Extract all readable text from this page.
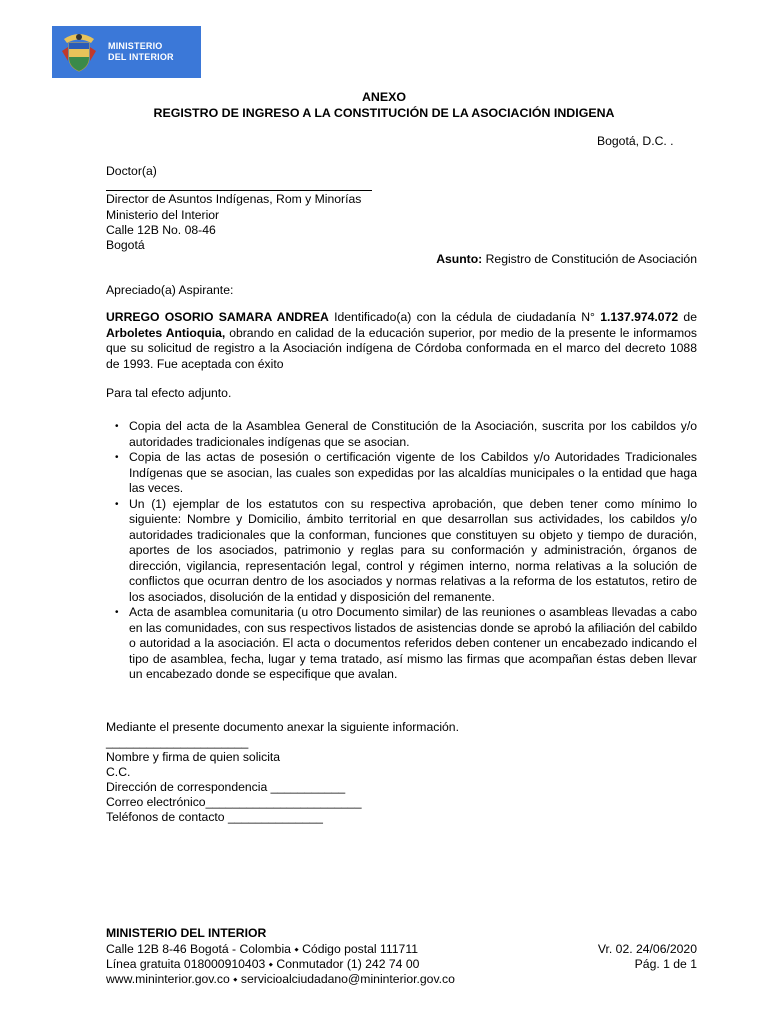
MINISTERIO
DEL INTERIOR
ANEXO
REGISTRO DE INGRESO A LA CONSTITUCIÓN DE LA ASOCIACIÓN INDIGENA
Bogotá, D.C. .
Doctor(a)
Director de Asuntos Indígenas, Rom y Minorías
Ministerio del Interior
Calle 12B No. 08-46
Bogotá
Asunto: Registro de Constitución de Asociación
Apreciado(a) Aspirante:
URREGO OSORIO SAMARA ANDREA Identificado(a) con la cédula de ciudadanía N° 1.137.974.072 de Arboletes Antioquia, obrando en calidad de la educación superior, por medio de la presente le informamos que su solicitud de registro a la Asociación indígena de Córdoba conformada en el marco del decreto 1088 de 1993. Fue aceptada con éxito
Para tal efecto adjunto.
• Copia del acta de la Asamblea General de Constitución de la Asociación, suscrita por los cabildos y/o autoridades tradicionales indígenas que se asocian.
• Copia de las actas de posesión o certificación vigente de los Cabildos y/o Autoridades Tradicionales Indígenas que se asocian, las cuales son expedidas por las alcaldías municipales o la entidad que haga las veces.
• Un (1) ejemplar de los estatutos con su respectiva aprobación, que deben tener como mínimo lo siguiente: Nombre y Domicilio, ámbito territorial en que desarrollan sus actividades, los cabildos y/o autoridades tradicionales que la conforman, funciones que constituyen su objeto y tiempo de duración, aportes de los asociados, patrimonio y reglas para su conformación y administración, órganos de dirección, vigilancia, representación legal, control y régimen interno, norma relativas a la solución de conflictos que ocurran dentro de los asociados y normas relativas a la reforma de los estatutos, retiro de los asociados, disolución de la entidad y disposición del remanente.
• Acta de asamblea comunitaria (u otro Documento similar) de las reuniones o asambleas llevadas a cabo en las comunidades, con sus respectivos listados de asistencias donde se aprobó la afiliación del cabildo o autoridad a la asociación. El acta o documentos referidos deben contener un encabezado indicando el tipo de asamblea, fecha, lugar y tema tratado, así mismo las firmas que acompañan éstas deben llevar un encabezado donde se especifique que avalan.
Mediante el presente documento anexar la siguiente información.
_____________________
Nombre y firma de quien solicita
C.C.
Dirección de correspondencia ___________
Correo electrónico_______________________
Teléfonos de contacto ______________
MINISTERIO DEL INTERIOR
Calle 12B 8-46 Bogotá - Colombia ⬩ Código postal 111711
Línea gratuita 018000910403 ⬩ Conmutador (1) 242 74 00
www.mininterior.gov.co ⬩ servicioalciudadano@mininterior.gov.co
Vr. 02. 24/06/2020
Pág. 1 de 1
